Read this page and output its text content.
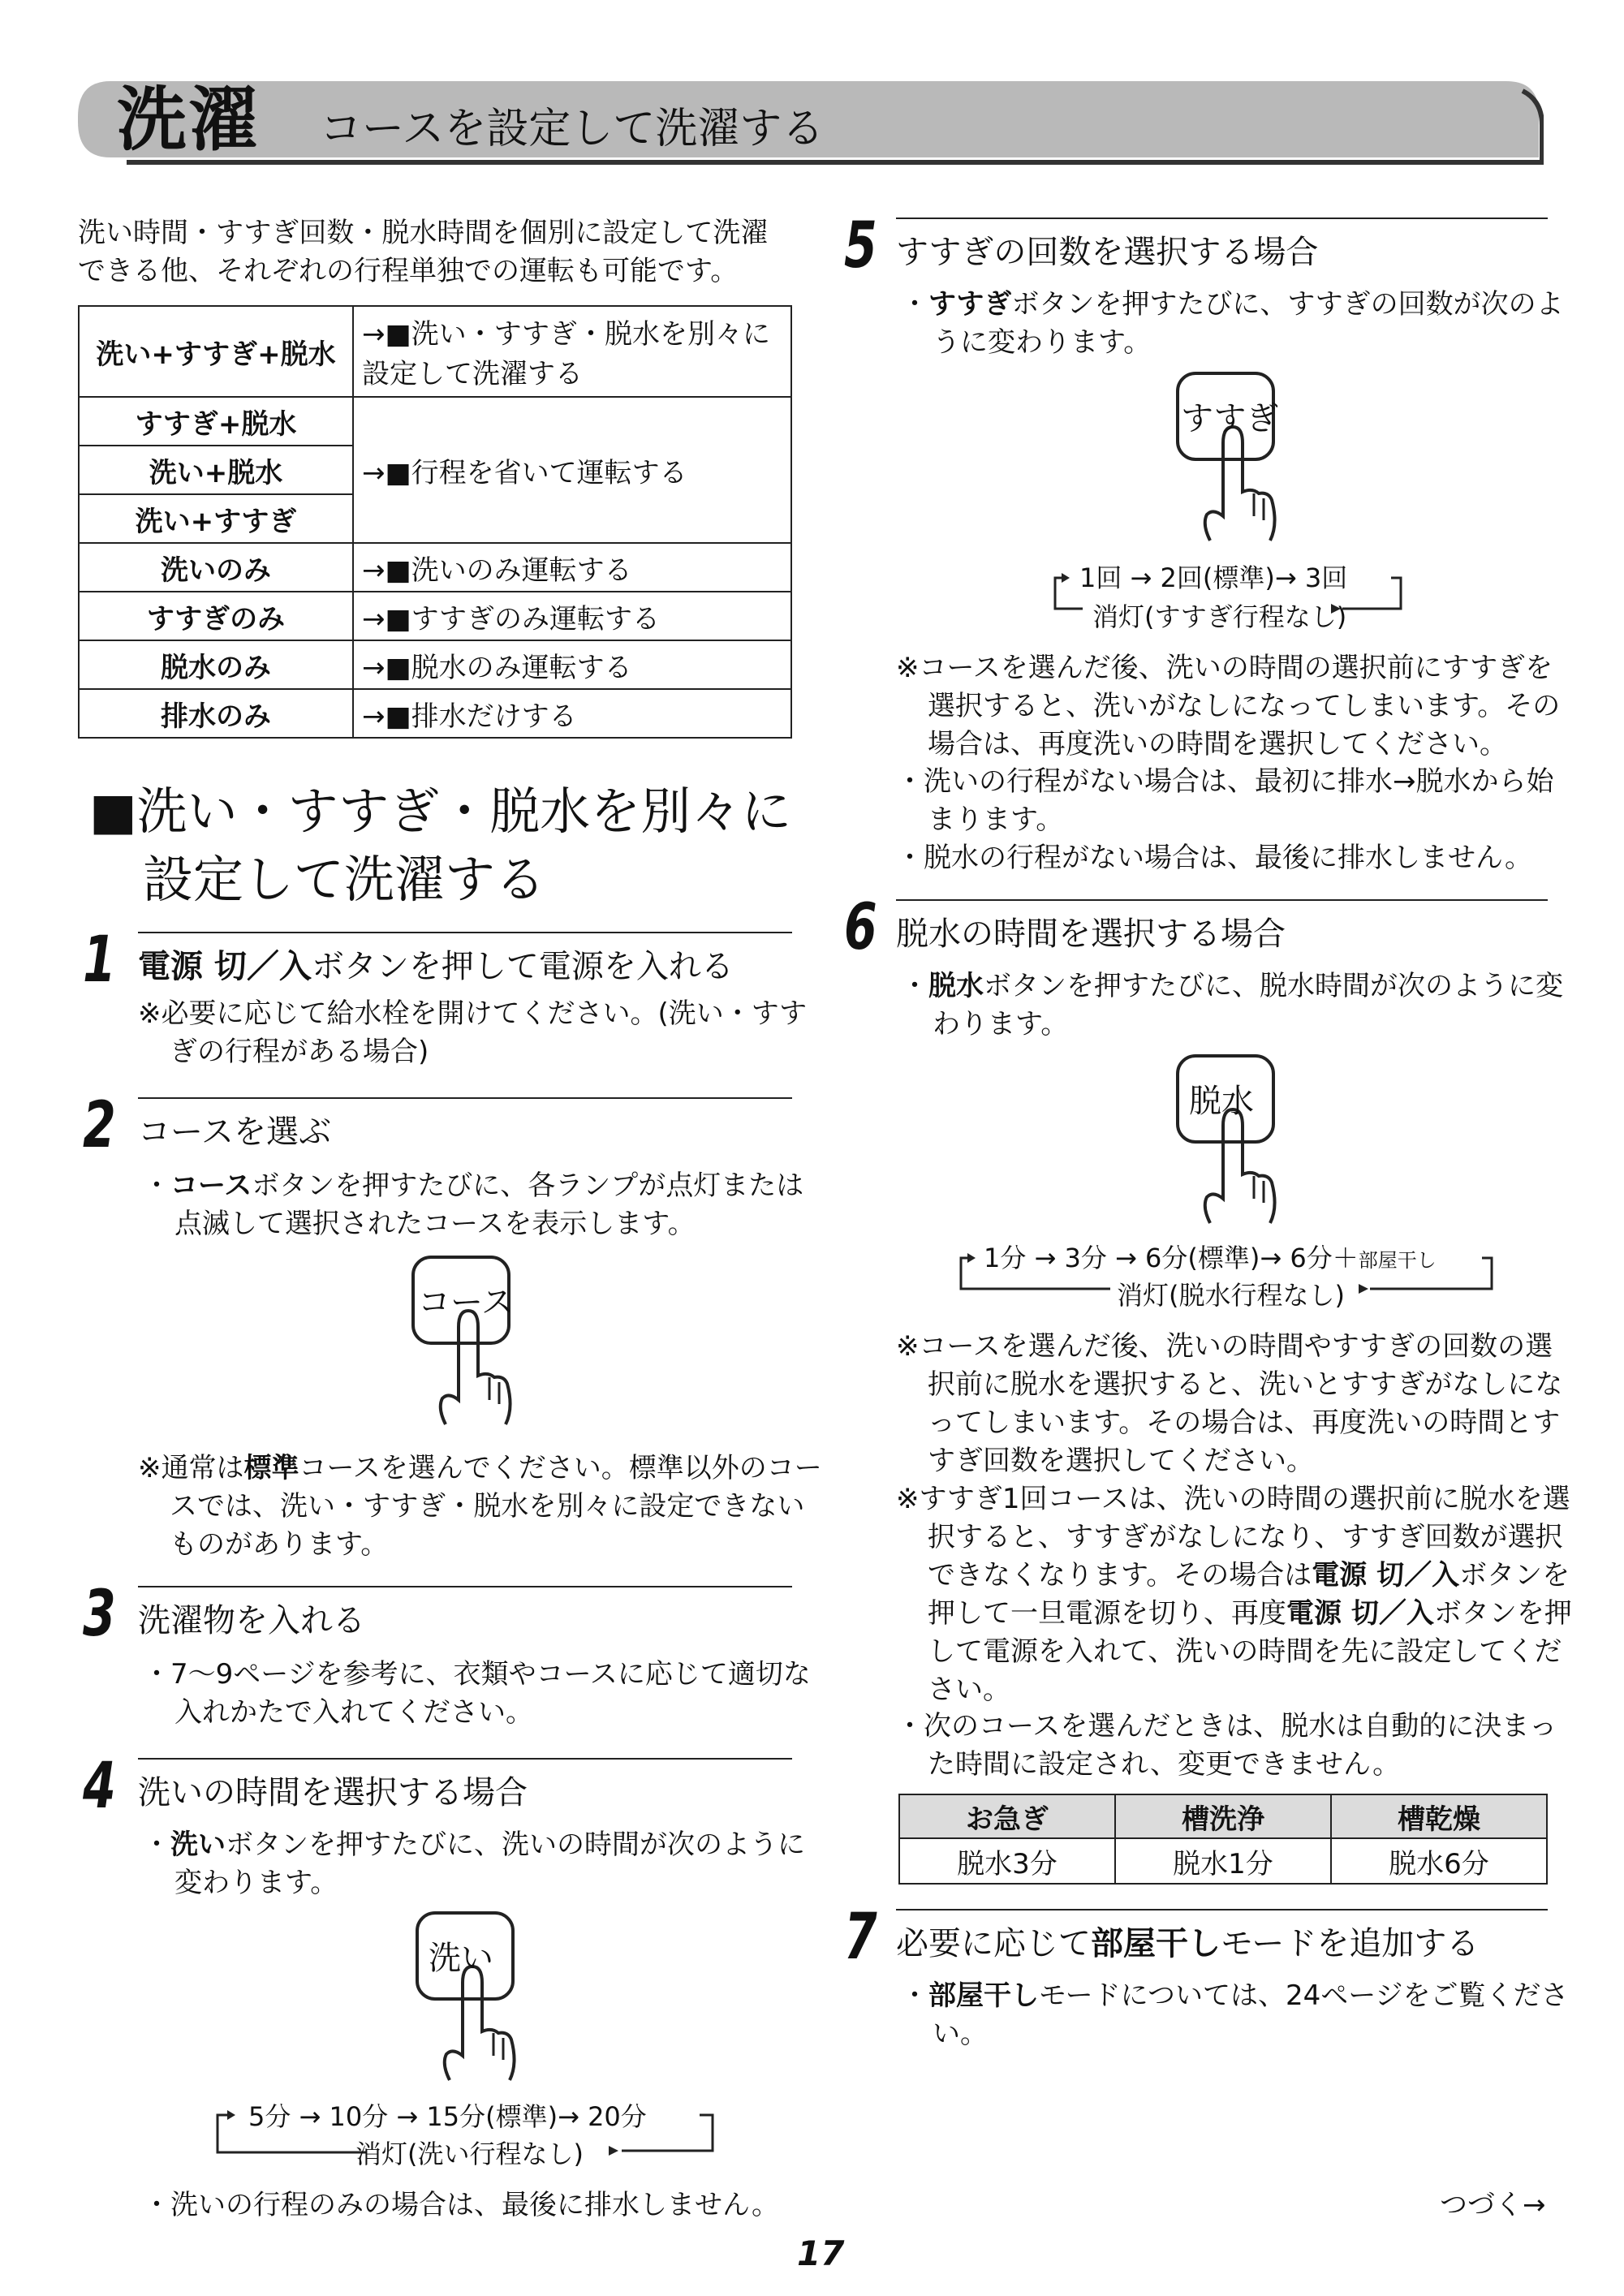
洗濯 コースを設定して洗濯する
洗い時間・すすぎ回数・脱水時間を個別に設定して洗濯できる他、それぞれの行程単独での運転も可能です。
洗い+すすぎ+脱水	→■洗い・すすぎ・脱水を別々に設定して洗濯する
すすぎ+脱水	→■行程を省いて運転する
洗い+脱水	
洗い+すすぎ	
洗いのみ	→■洗いのみ運転する
すすぎのみ	→■すすぎのみ運転する
脱水のみ	→■脱水のみ運転する
排水のみ	→■排水だけする
■洗い・すすぎ・脱水を別々に
設定して洗濯する
1 電源 切／入ボタンを押して電源を入れる
※必要に応じて給水栓を開けてください。(洗い・すすぎの行程がある場合)
2 コースを選ぶ
・コースボタンを押すたびに、各ランプが点灯または点滅して選択されたコースを表示します。
コース
※通常は標準コースを選んでください。標準以外のコースでは、洗い・すすぎ・脱水を別々に設定できないものがあります。
3 洗濯物を入れる
・7～9ページを参考に、衣類やコースに応じて適切な入れかたで入れてください。
4 洗いの時間を選択する場合
・洗いボタンを押すたびに、洗いの時間が次のように変わります。
洗い
5分 → 10分 → 15分(標準)→ 20分
消灯(洗い行程なし)
・洗いの行程のみの場合は、最後に排水しません。
5 すすぎの回数を選択する場合
・すすぎボタンを押すたびに、すすぎの回数が次のように変わります。
すすぎ
1回 → 2回(標準)→ 3回
消灯(すすぎ行程なし)
※コースを選んだ後、洗いの時間の選択前にすすぎを選択すると、洗いがなしになってしまいます。その場合は、再度洗いの時間を選択してください。
・洗いの行程がない場合は、最初に排水→脱水から始まります。
・脱水の行程がない場合は、最後に排水しません。
6 脱水の時間を選択する場合
・脱水ボタンを押すたびに、脱水時間が次のように変わります。
脱水
1分 → 3分 → 6分(標準)→ 6分＋部屋干し
消灯(脱水行程なし)
※コースを選んだ後、洗いの時間やすすぎの回数の選択前に脱水を選択すると、洗いとすすぎがなしになってしまいます。その場合は、再度洗いの時間とすすぎ回数を選択してください。
※すすぎ1回コースは、洗いの時間の選択前に脱水を選択すると、すすぎがなしになり、すすぎ回数が選択できなくなります。その場合は電源 切／入ボタンを押して一旦電源を切り、再度電源 切／入ボタンを押して電源を入れて、洗いの時間を先に設定してください。
・次のコースを選んだときは、脱水は自動的に決まった時間に設定され、変更できません。
お急ぎ	槽洗浄	槽乾燥
脱水3分	脱水1分	脱水6分
7 必要に応じて部屋干しモードを追加する
・部屋干しモードについては、24ページをご覧ください。
つづく→
17
